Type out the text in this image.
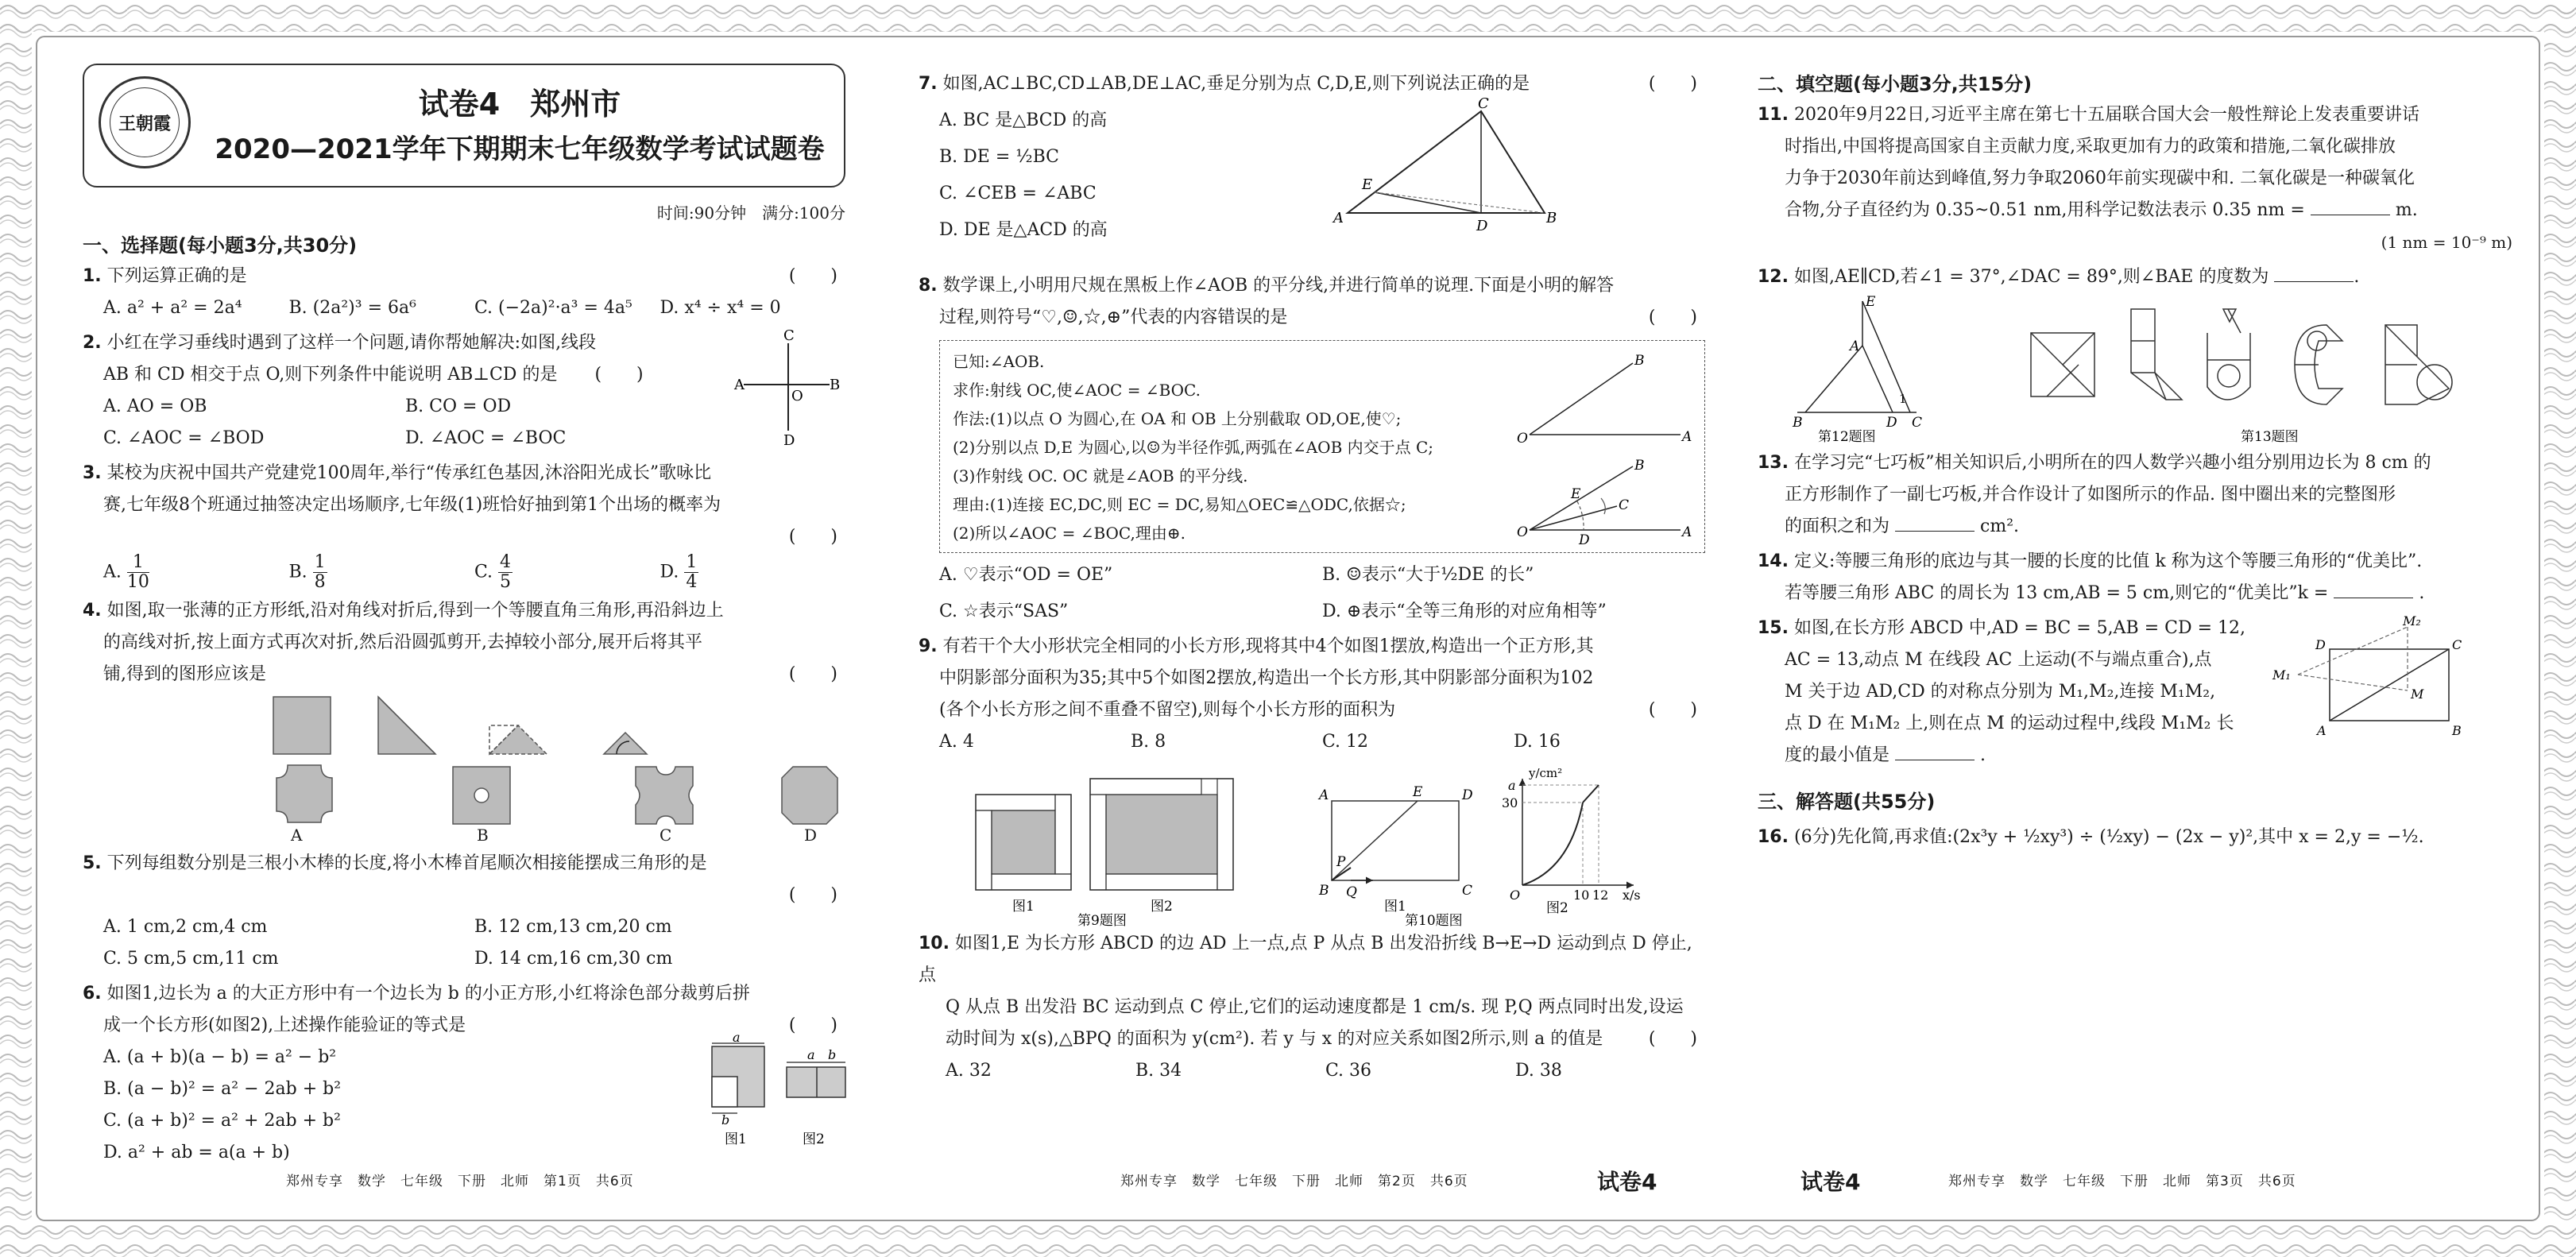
王朝霞
试卷4　郑州市
2020—2021学年下期期末七年级数学考试试题卷
时间:90分钟　满分:100分
一、选择题(每小题3分,共30分)
1. 下列运算正确的是	(　　)
A. a² + a² = 2a⁴	B. (2a²)³ = 6a⁶	C. (−2a)²·a³ = 4a⁵	D. x⁴ ÷ x⁴ = 0
2. 小红在学习垂线时遇到了这样一个问题,请你帮她解决:如图,线段
AB 和 CD 相交于点 O,则下列条件中能说明 AB⊥CD 的是 (　　)
A. AO = OB	B. CO = OD
C. ∠AOC = ∠BOD	D. ∠AOC = ∠BOC
C
A
O
B
D
3. 某校为庆祝中国共产党建党100周年,举行“传承红色基因,沐浴阳光成长”歌咏比
赛,七年级8个班通过抽签决定出场顺序,七年级(1)班恰好抽到第1个出场的概率为
(　　)

A. $\frac{1}{10}$	B. $\frac{1}{8}$	C. $\frac{4}{5}$	D. $\frac{1}{4}$
4. 如图,取一张薄的正方形纸,沿对角线对折后,得到一个等腰直角三角形,再沿斜边上
的高线对折,按上面方式再次对折,然后沿圆弧剪开,去掉较小部分,展开后将其平
铺,得到的图形应该是	(　　)
A	B	C	D
5. 下列每组数分别是三根小木棒的长度,将小木棒首尾顺次相接能摆成三角形的是
(　　)

A. 1 cm,2 cm,4 cm	B. 12 cm,13 cm,20 cm
C. 5 cm,5 cm,11 cm	D. 14 cm,16 cm,30 cm
6. 如图1,边长为 a 的大正方形中有一个边长为 b 的小正方形,小红将涂色部分裁剪后拼
成一个长方形(如图2),上述操作能验证的等式是	(　　)
A. (a + b)(a − b) = a² − b²
B. (a − b)² = a² − 2ab + b²
C. (a + b)² = a² + 2ab + b²
D. a² + ab = a(a + b)
a
b
图1
a b
图2
郑州专享　数学　七年级　下册　北师　第1页　共6页
7. 如图,AC⊥BC,CD⊥AB,DE⊥AC,垂足分别为点 C,D,E,则下列说法正确的是	(　　)
A. BC 是△BCD 的高
B. DE = ½BC
C. ∠CEB = ∠ABC
D. DE 是△ACD 的高
C
E
A	D	B
8. 数学课上,小明用尺规在黑板上作∠AOB 的平分线,并进行简单的说理.下面是小明的解答
过程,则符号“♡,☺,☆,⊕”代表的内容错误的是	(　　)
已知:∠AOB.
求作:射线 OC,使∠AOC = ∠BOC.
作法:(1)以点 O 为圆心,在 OA 和 OB 上分别截取 OD,OE,使♡;
(2)分别以点 D,E 为圆心,以☺为半径作弧,两弧在∠AOB 内交于点 C;
(3)作射线 OC. OC 就是∠AOB 的平分线.
理由:(1)连接 EC,DC,则 EC = DC,易知△OEC≌△ODC,依据☆;
(2)所以∠AOC = ∠BOC,理由⊕.
B
O	A
B
E
C
O	D	A
A. ♡表示“OD = OE”	B. ☺表示“大于½DE 的长”
C. ☆表示“SAS”	D. ⊕表示“全等三角形的对应角相等”
9. 有若干个大小形状完全相同的小长方形,现将其中4个如图1摆放,构造出一个正方形,其
中阴影部分面积为35;其中5个如图2摆放,构造出一个长方形,其中阴影部分面积为102
(各个小长方形之间不重叠不留空),则每个小长方形的面积为	(　　)
A. 4	B. 8	C. 12	D. 16
图1	图2
第9题图
A	E	D
P
B Q	C
图1
第10题图
y/cm²
a
30
O	10 12 x/s
图2
10. 如图1,E 为长方形 ABCD 的边 AD 上一点,点 P 从点 B 出发沿折线 B→E→D 运动到点 D 停止,点
Q 从点 B 出发沿 BC 运动到点 C 停止,它们的运动速度都是 1 cm/s. 现 P,Q 两点同时出发,设运
动时间为 x(s),△BPQ 的面积为 y(cm²). 若 y 与 x 的对应关系如图2所示,则 a 的值是	(　　)
A. 32	B. 34	C. 36	D. 38
郑州专享　数学　七年级　下册　北师　第2页　共6页	试卷4
二、填空题(每小题3分,共15分)
11. 2020年9月22日,习近平主席在第七十五届联合国大会一般性辩论上发表重要讲话
时指出,中国将提高国家自主贡献力度,采取更加有力的政策和措施,二氧化碳排放
力争于2030年前达到峰值,努力争取2060年前实现碳中和. 二氧化碳是一种碳氧化
合物,分子直径约为 0.35~0.51 nm,用科学记数法表示 0.35 nm =	m.
(1 nm = 10⁻⁹ m)
12. 如图,AE∥CD,若∠1 = 37°,∠DAC = 89°,则∠BAE 的度数为	.
E
A
B	D
1
C
第12题图	第13题图
13. 在学习完“七巧板”相关知识后,小明所在的四人数学兴趣小组分别用边长为 8 cm 的
正方形制作了一副七巧板,并合作设计了如图所示的作品. 图中圈出来的完整图形
的面积之和为	cm².
14. 定义:等腰三角形的底边与其一腰的长度的比值 k 称为这个等腰三角形的“优美比”.
若等腰三角形 ABC 的周长为 13 cm,AB = 5 cm,则它的“优美比”k =	.
15. 如图,在长方形 ABCD 中,AD = BC = 5,AB = CD = 12,
AC = 13,动点 M 在线段 AC 上运动(不与端点重合),点
M 关于边 AD,CD 的对称点分别为 M₁,M₂,连接 M₁M₂,
点 D 在 M₁M₂ 上,则在点 M 的运动过程中,线段 M₁M₂ 长
度的最小值是	.
M₂
D	C
M₁
M
A	B
三、解答题(共55分)
16. (6分)先化简,再求值:(2x³y + ½xy³) ÷ (½xy) − (2x − y)²,其中 x = 2,y = −½.
试卷4	郑州专享　数学　七年级　下册　北师　第3页　共6页
